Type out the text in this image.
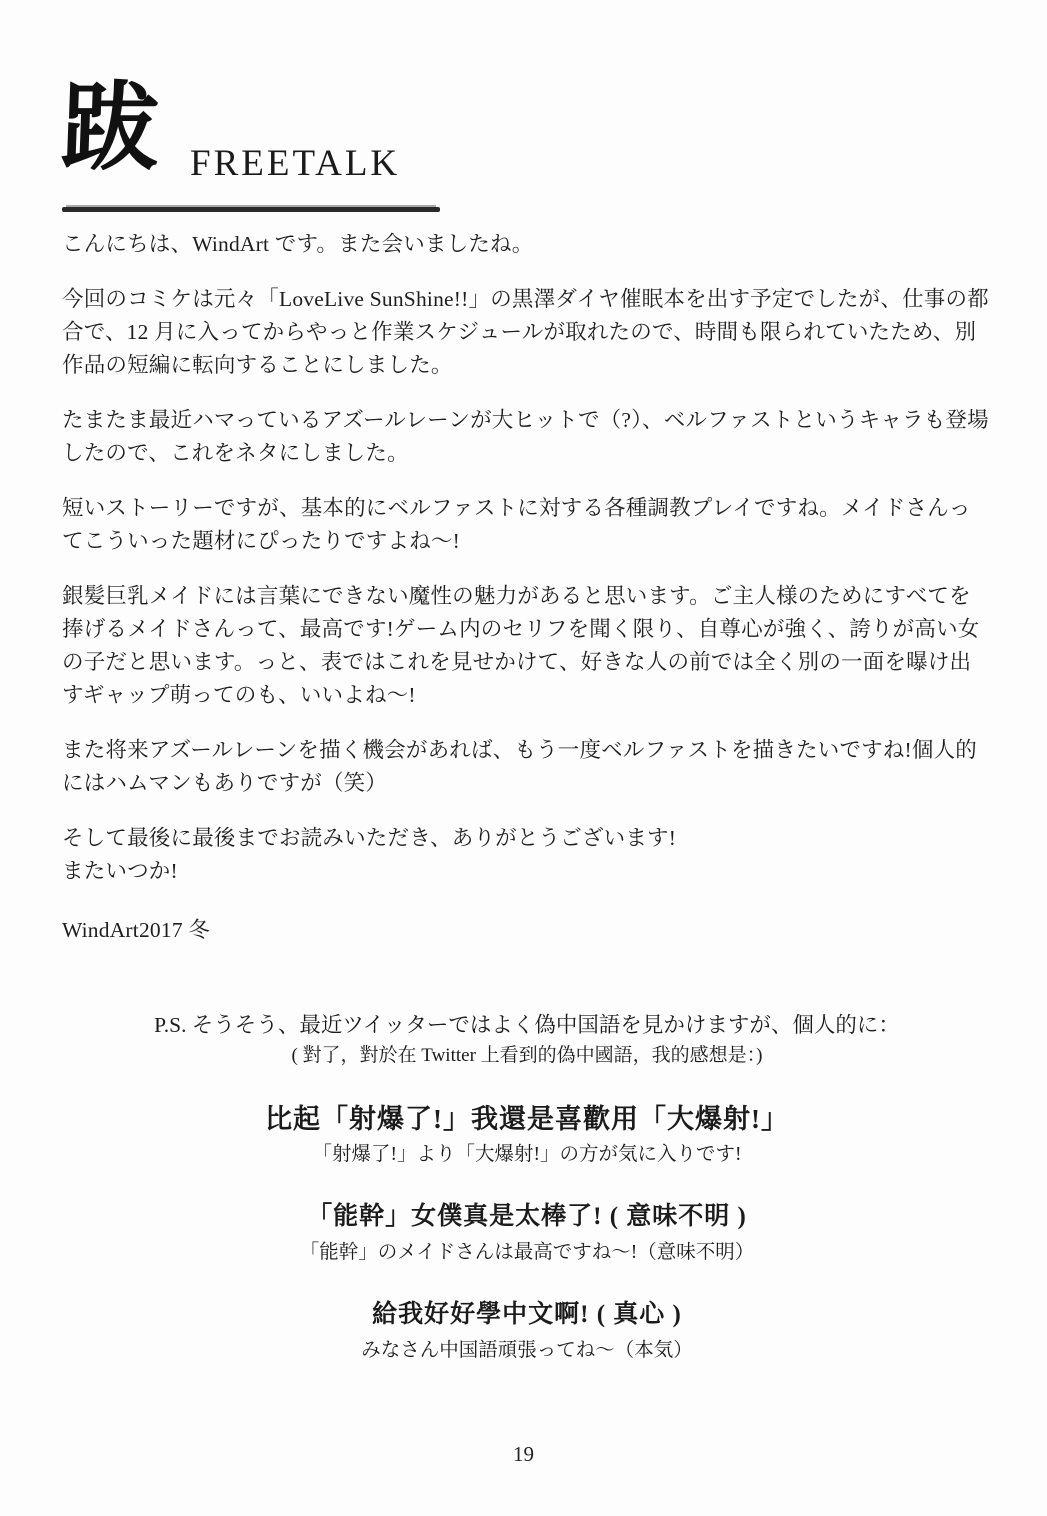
跋 FREETALK

こんにちは、WindArt です。また会いましたね。

今回のコミケは元々「LoveLive SunShine!!」の黒澤ダイヤ催眠本を出す予定でしたが、仕事の都合で、12 月に入ってからやっと作業スケジュールが取れたので、時間も限られていたため、別作品の短編に転向することにしました。

たまたま最近ハマっているアズールレーンが大ヒットで（?）、ベルファストというキャラも登場したので、これをネタにしました。

短いストーリーですが、基本的にベルファストに対する各種調教プレイですね。メイドさんってこういった題材にぴったりですよね〜!

銀髪巨乳メイドには言葉にできない魔性の魅力があると思います。ご主人様のためにすべてを捧げるメイドさんって、最高です!ゲーム内のセリフを聞く限り、自尊心が強く、誇りが高い女の子だと思います。っと、表ではこれを見せかけて、好きな人の前では全く別の一面を曝け出すギャップ萌ってのも、いいよね〜!

また将来アズールレーンを描く機会があれば、もう一度ベルファストを描きたいですね!個人的にはハムマンもありですが（笑）

そして最後に最後までお読みいただき、ありがとうございます!

またいつか!

WindArt2017 冬

P.S. そうそう、最近ツイッターではよく偽中国語を見かけますが、個人的に：
( 對了，對於在 Twitter 上看到的偽中國語，我的感想是：)
比起「射爆了!」我還是喜歡用「大爆射!」
「射爆了!」より「大爆射!」の方が気に入りです!
「能幹」女僕真是太棒了! ( 意味不明 )
「能幹」のメイドさんは最高ですね〜!（意味不明）
給我好好學中文啊! ( 真心 )
みなさん中国語頑張ってね〜（本気）
19
